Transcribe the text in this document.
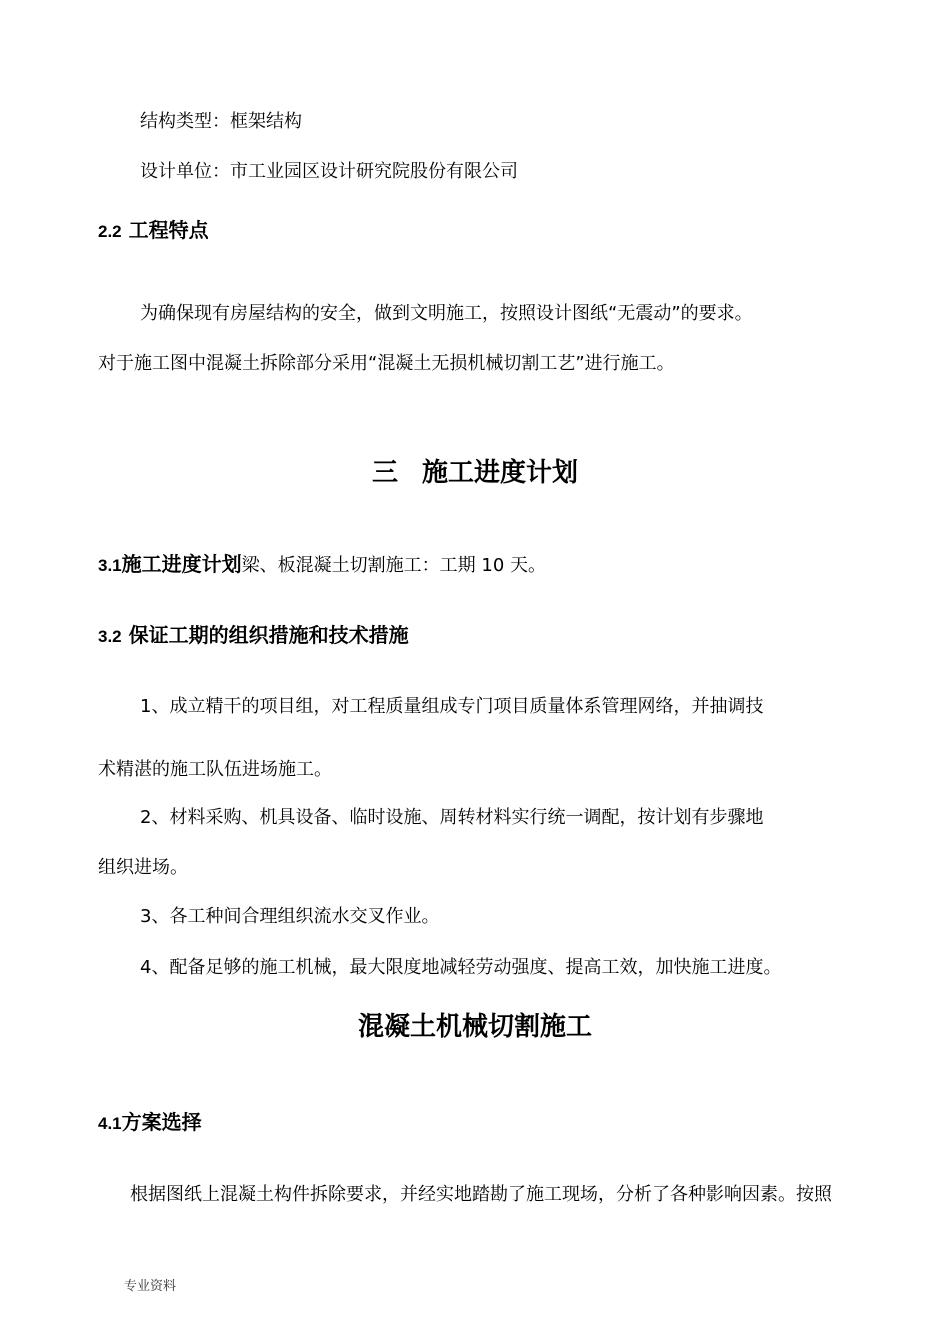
结构类型：框架结构
设计单位：市工业园区设计研究院股份有限公司
2.2 工程特点
为确保现有房屋结构的安全，做到文明施工，按照设计图纸“无震动”的要求。
对于施工图中混凝土拆除部分采用“混凝土无损机械切割工艺”进行施工。
三 施工进度计划
3.1施工进度计划梁、板混凝土切割施工：工期 10 天。
3.2 保证工期的组织措施和技术措施
1、成立精干的项目组，对工程质量组成专门项目质量体系管理网络，并抽调技
术精湛的施工队伍进场施工。
2、材料采购、机具设备、临时设施、周转材料实行统一调配，按计划有步骤地
组织进场。
3、各工种间合理组织流水交叉作业。
4、配备足够的施工机械，最大限度地减轻劳动强度、提高工效，加快施工进度。
混凝土机械切割施工
4.1方案选择
根据图纸上混凝土构件拆除要求，并经实地踏勘了施工现场，分析了各种影响因素。按照
专业资料
